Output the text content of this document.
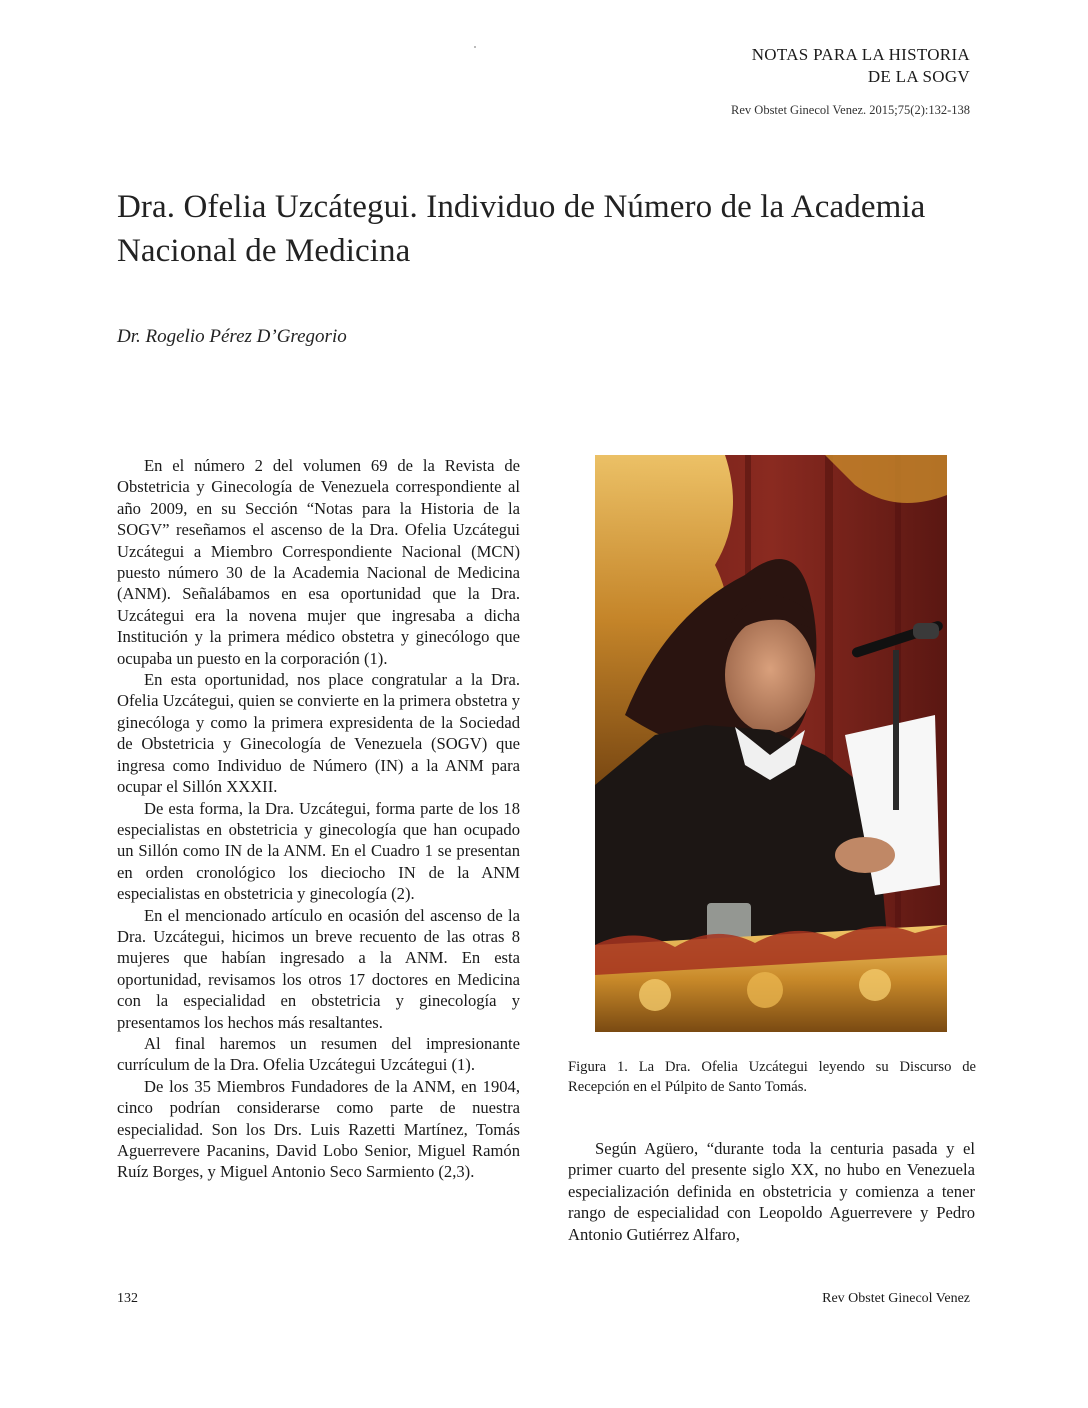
NOTAS PARA LA HISTORIA
DE LA SOGV
Rev Obstet Ginecol Venez. 2015;75(2):132-138
Dra. Ofelia Uzcátegui. Individuo de Número de la Academia Nacional de Medicina
Dr. Rogelio Pérez D’Gregorio

En el número 2 del volumen 69 de la Revista de Obstetricia y Ginecología de Venezuela correspondiente al año 2009, en su Sección “Notas para la Historia de la SOGV” reseñamos el ascenso de la Dra. Ofelia Uzcátegui Uzcátegui a Miembro Correspondiente Nacional (MCN) puesto número 30 de la Academia Nacional de Medicina (ANM). Señalábamos en esa oportunidad que la Dra. Uzcátegui era la novena mujer que ingresaba a dicha Institución y la primera médico obstetra y ginecólogo que ocupaba un puesto en la corporación (1).

En esta oportunidad, nos place congratular a la Dra. Ofelia Uzcátegui, quien se convierte en la primera obstetra y ginecóloga y como la primera expresidenta de la Sociedad de Obstetricia y Ginecología de Venezuela (SOGV) que ingresa como Individuo de Número (IN) a la ANM para ocupar el Sillón XXXII.

De esta forma, la Dra. Uzcátegui, forma parte de los 18 especialistas en obstetricia y ginecología que han ocupado un Sillón como IN de la ANM. En el Cuadro 1 se presentan en orden cronológico los dieciocho IN de la ANM especialistas en obstetricia y ginecología (2).

En el mencionado artículo en ocasión del ascenso de la Dra. Uzcátegui, hicimos un breve recuento de las otras 8 mujeres que habían ingresado a la ANM. En esta oportunidad, revisamos los otros 17 doctores en Medicina con la especialidad en obstetricia y ginecología y presentamos los hechos más resaltantes.

Al final haremos un resumen del impresionante currículum de la Dra. Ofelia Uzcátegui Uzcátegui (1).

De los 35 Miembros Fundadores de la ANM, en 1904, cinco podrían considerarse como parte de nuestra especialidad. Son los Drs. Luis Razetti Martínez, Tomás Aguerrevere Pacanins, David Lobo Senior, Miguel Ramón Ruíz Borges, y Miguel Antonio Seco Sarmiento (2,3).

Figura 1. La Dra. Ofelia Uzcátegui leyendo su Discurso de Recepción en el Púlpito de Santo Tomás.

Según Agüero, “durante toda la centuria pasada y el primer cuarto del presente siglo XX, no hubo en Venezuela especialización definida en obstetricia y comienza a tener rango de especialidad con Leopoldo Aguerrevere y Pedro Antonio Gutiérrez Alfaro,

132	Rev Obstet Ginecol Venez
